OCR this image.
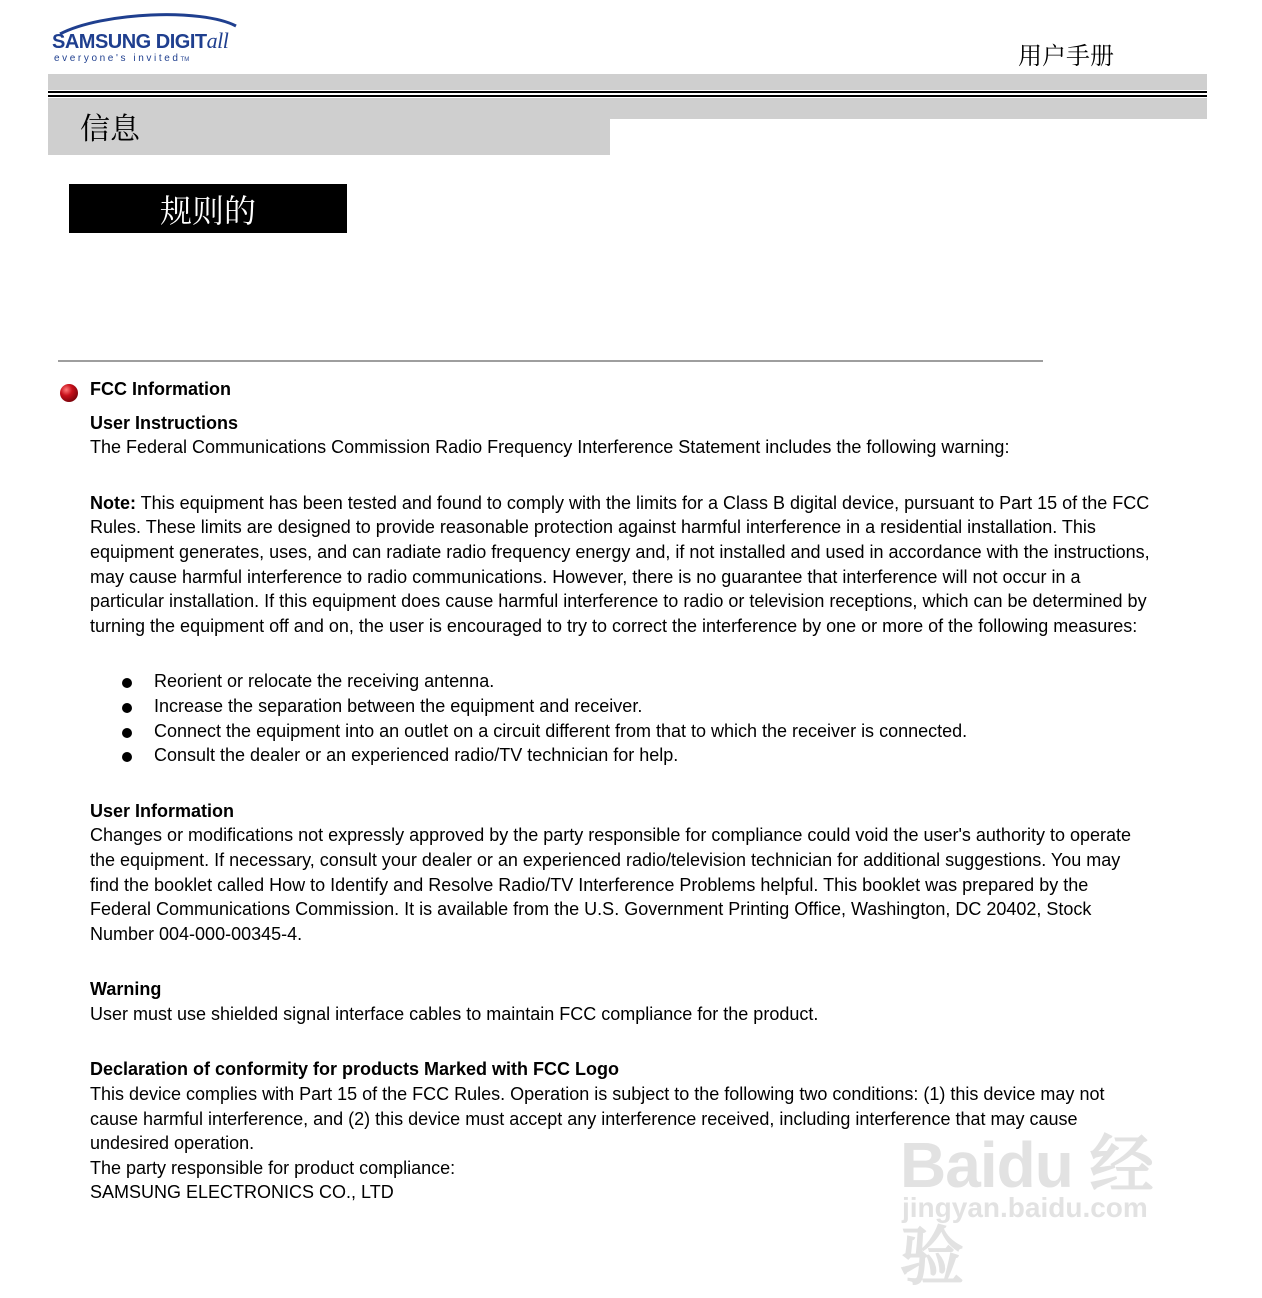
SAMSUNG DIGITall
everyone's invitedTM	用户手册
信息
规则的

FCC Information

User Instructions

The Federal Communications Commission Radio Frequency Interference Statement includes the following warning:

Note: This equipment has been tested and found to comply with the limits for a Class B digital device, pursuant to Part 15 of the FCC Rules. These limits are designed to provide reasonable protection against harmful interference in a residential installation. This equipment generates, uses, and can radiate radio frequency energy and, if not installed and used in accordance with the instructions, may cause harmful interference to radio communications. However, there is no guarantee that interference will not occur in a particular installation. If this equipment does cause harmful interference to radio or television receptions, which can be determined by turning the equipment off and on, the user is encouraged to try to correct the interference by one or more of the following measures:

Reorient or relocate the receiving antenna.
Increase the separation between the equipment and receiver.
Connect the equipment into an outlet on a circuit different from that to which the receiver is connected.
Consult the dealer or an experienced radio/TV technician for help.

User Information

Changes or modifications not expressly approved by the party responsible for compliance could void the user's authority to operate the equipment. If necessary, consult your dealer or an experienced radio/television technician for additional suggestions. You may find the booklet called How to Identify and Resolve Radio/TV Interference Problems helpful. This booklet was prepared by the Federal Communications Commission. It is available from the U.S. Government Printing Office, Washington, DC 20402, Stock Number 004-000-00345-4.

Warning

User must use shielded signal interface cables to maintain FCC compliance for the product.

Declaration of conformity for products Marked with FCC Logo

This device complies with Part 15 of the FCC Rules. Operation is subject to the following two conditions: (1) this device may not cause harmful interference, and (2) this device must accept any interference received, including interference that may cause undesired operation.

The party responsible for product compliance:

SAMSUNG ELECTRONICS CO., LTD	Baidu 经验
jingyan.baidu.com
